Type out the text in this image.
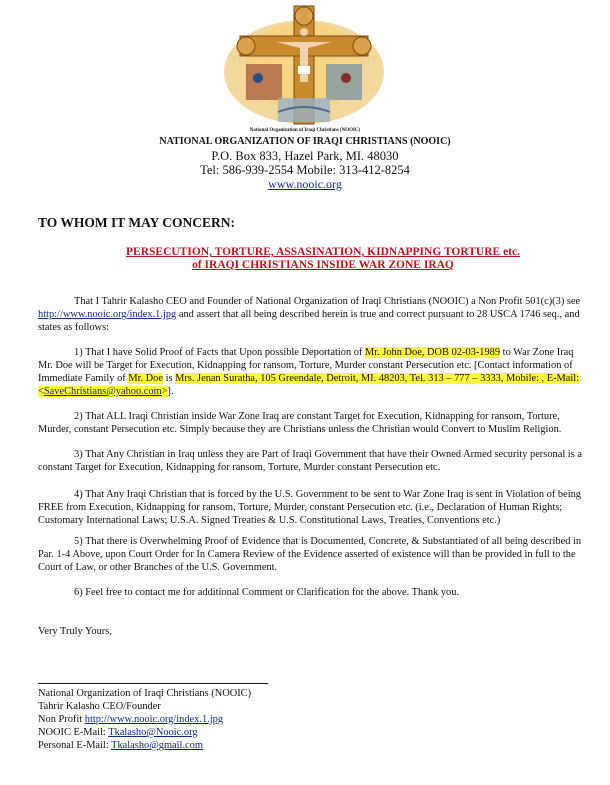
National Organization of Iraqi Christians (NOOIC)
NATIONAL ORGANIZATION OF IRAQI CHRISTIANS (NOOIC)
P.O. Box 833, Hazel Park, MI. 48030
Tel: 586-939-2554 Mobile: 313-412-8254
www.nooic.org
TO WHOM IT MAY CONCERN:
PERSECUTION, TORTURE, ASSASINATION, KIDNAPPING TORTURE etc.
of IRAQI CHRISTIANS INSIDE WAR ZONE IRAQ
That I Tahrir Kalasho CEO and Founder of National Organization of Iraqi Christians (NOOIC) a Non Profit 501(c)(3) see http://www.nooic.org/index.1.jpg and assert that all being described herein is true and correct pursuant to 28 USCA 1746 seq., and states as follows:
1) That I have Solid Proof of Facts that Upon possible Deportation of Mr. John Doe, DOB 02-03-1989 to War Zone Iraq Mr. Doe will be Target for Execution, Kidnapping for ransom, Torture, Murder constant Persecution etc. [Contact information of Immediate Family of Mr. Doe is Mrs. Jenan Suratha, 105 Greendale, Detroit, MI. 48203, Tel. 313 – 777 – 3333, Mobile: , E-Mail: <SaveChristians@yahoo.com>].
2) That ALL Iraqi Christian inside War Zone Iraq are constant Target for Execution, Kidnapping for ransom, Torture, Murder, constant Persecution etc. Simply because they are Christians unless the Christian would Convert to Muslim Religion.
3) That Any Christian in Iraq unless they are Part of Iraqi Government that have their Owned Armed security personal is a constant Target for Execution, Kidnapping for ransom, Torture, Murder constant Persecution etc.
4) That Any Iraqi Christian that is forced by the U.S. Government to be sent to War Zone Iraq is sent in Violation of being FREE from Execution, Kidnapping for ransom, Torture, Murder, constant Persecution etc. (i.e., Declaration of Human Rights; Customary International Laws; U.S.A. Signed Treaties & U.S. Constitutional Laws, Treaties, Conventions etc.)
5) That there is Overwhelming Proof of Evidence that is Documented, Concrete, & Substantiated of all being described in Par. 1-4 Above, upon Court Order for In Camera Review of the Evidence asserted of existence will than be provided in full to the Court of Law, or other Branches of the U.S. Government.
6) Feel free to contact me for additional Comment or Clarification for the above. Thank you.
Very Truly Yours,
National Organization of Iraqi Christians (NOOIC)
Tahrir Kalasho CEO/Founder
Non Profit http://www.nooic.org/index.1.jpg
NOOIC E-Mail: Tkalasho@Nooic.org
Personal E-Mail: Tkalasho@gmail.com
